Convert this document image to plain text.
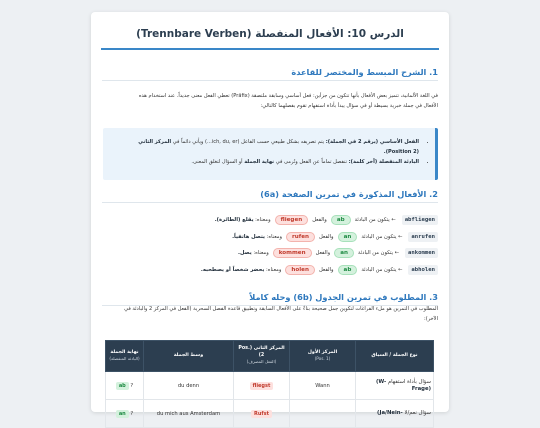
الدرس 10: الأفعال المنفصلة (Trennbare Verben)
1. الشرح المبسط والمختصر للقاعدة
في اللغة الألمانية، تتميز بعض الأفعال بأنها تتكون من جزأين: فعل أساسي وسابقة ملتصقة (Präfix) تعطي الفعل معنى جديداً. عند استخدام هذه
الأفعال في جملة خبرية بسيطة أو في سؤال يبدأ بأداة استفهام تقوم بفصلهما كالتالي:
• الفعل الأساسي (يرقم 2 في الجملة): يتم تصريفه بشكل طبيعي حسب الفاعل (ich, du, er...) ويأتي دائماً في المركز الثاني (Position 2).
• البادئة المنفصلة (آخر كلمة): تنفصل تماماً عن الفعل وتُرمى في نهاية الجملة أو السؤال لتغلق المعنى.
2. الأفعال المذكورة في تمرين الصفحة (6a)
abfliegen
← يتكون من البادئة
ab
والفعل
fliegen
ومعناه: يقلع (الطائرة).
anrufen
← يتكون من البادئة
an
والفعل
rufen
ومعناه: يتصل هاتفياً.
ankommen
← يتكون من البادئة
an
والفعل
kommen
ومعناه: يصل.
abholen
← يتكون من البادئة
ab
والفعل
holen
ومعناه: يحضر شخصاً أو يصطحبه.
3. المطلوب في تمرين الجدول (6b) وحله كاملاً
المطلوب في التمرين هو ملء الفراغات لتكوين جمل صحيحة بناءً على الأفعال السابقة وتطبيق قاعدة الفصل السحرية (الفعل في المركز 2 والبادئة في
الآخر):
نوع الجملة / السياق	المركز الأول
(Pos. 1)	المركز الثاني (Pos. 2)
(الفعل المصرف)	وسط الجملة	نهاية الجملة
(البادئة المنفصلة)

سؤال بأداة استفهام (W-Frage)	Wann	fliegst	du denn	ab ?
سؤال نعم/لا (Ja/Nein-		Rufst	du mich aus Amsterdam	an ?
